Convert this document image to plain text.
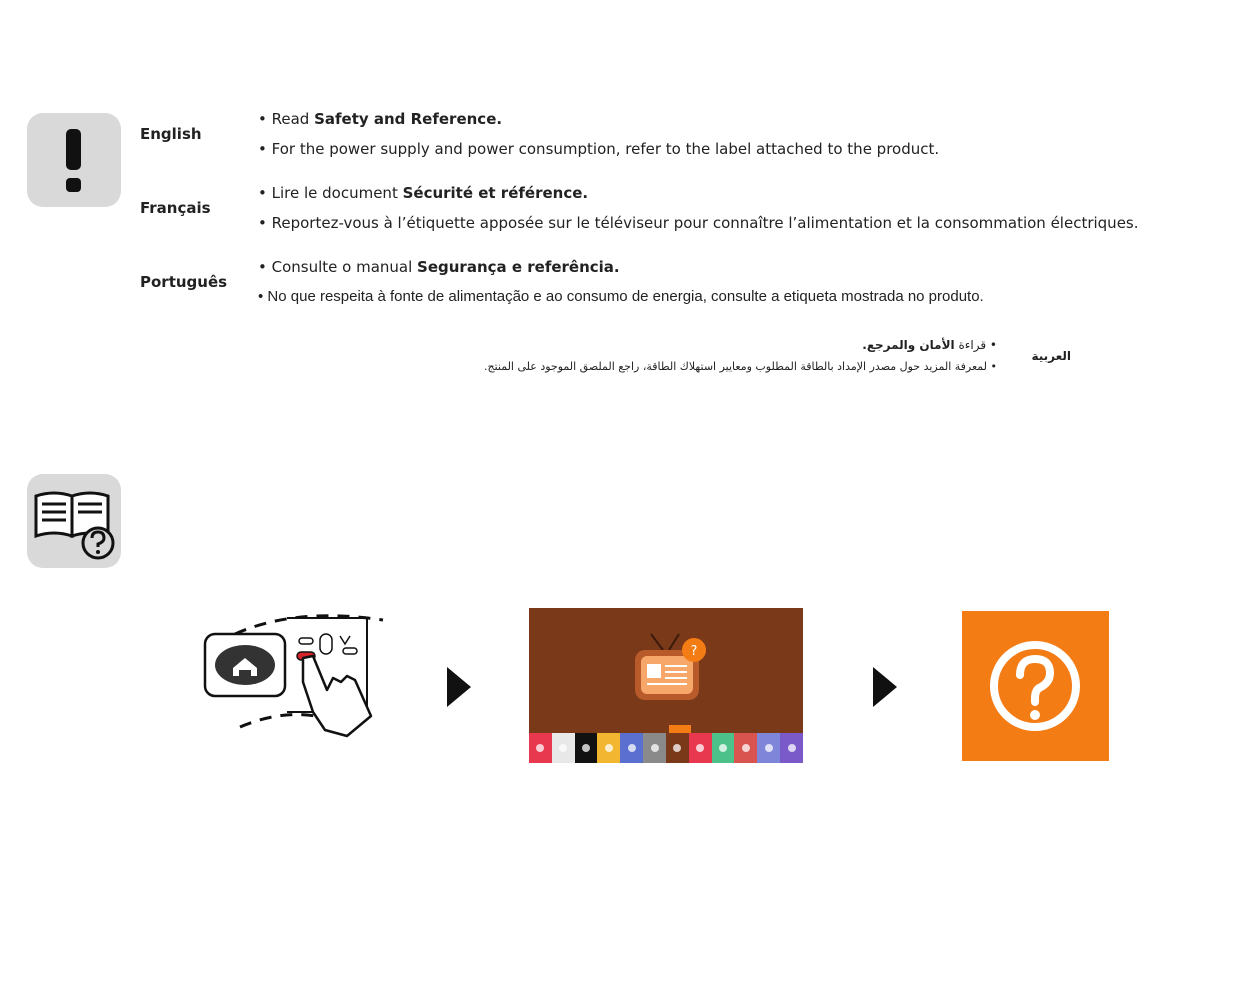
English
• Read Safety and Reference.
• For the power supply and power consumption, refer to the label attached to the product.
Français
• Lire le document Sécurité et référence.
• Reportez-vous à l’étiquette apposée sur le téléviseur pour connaître l’alimentation et la consommation électriques.
Português
• Consulte o manual Segurança e referência.
• No que respeita à fonte de alimentação e ao consumo de energia, consulte a etiqueta mostrada no produto.
العربية
• قراءة الأمان والمرجع.
• لمعرفة المزيد حول مصدر الإمداد بالطاقة المطلوب ومعايير استهلاك الطاقة، راجع الملصق الموجود على المنتج.
?
